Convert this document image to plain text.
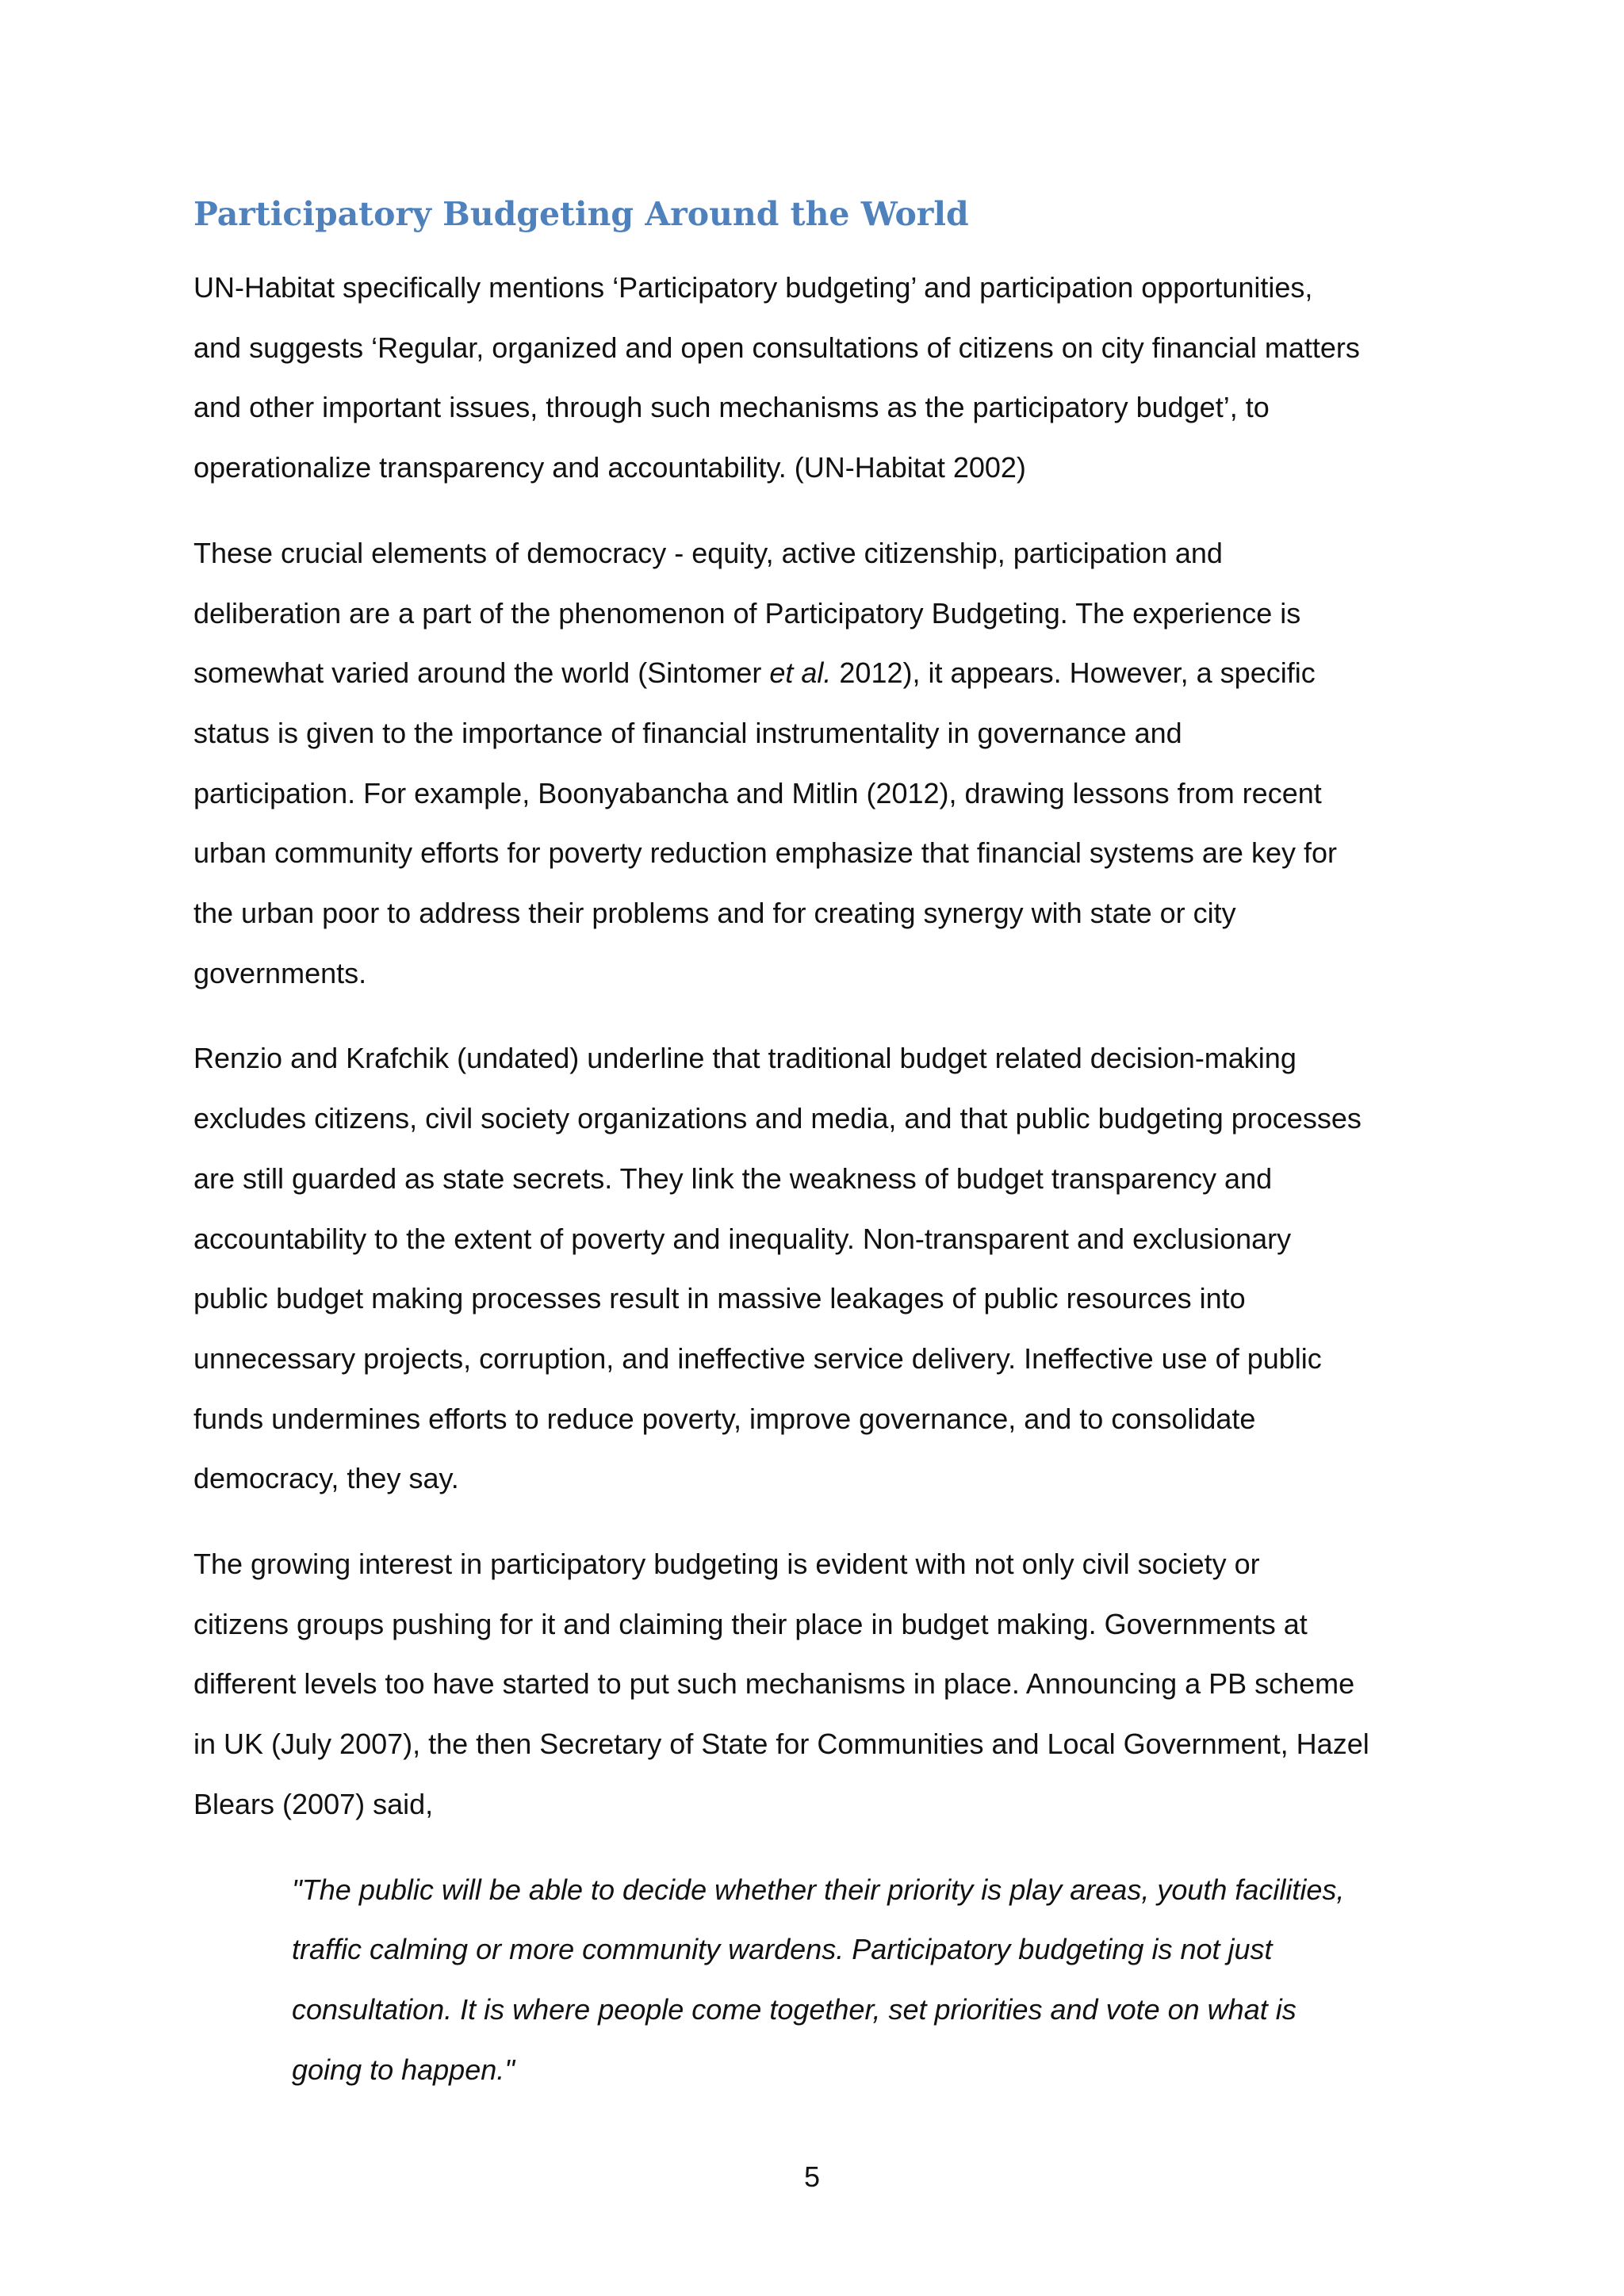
Participatory Budgeting Around the World

UN-Habitat specifically mentions ‘Participatory budgeting’ and participation opportunities,
and suggests ‘Regular, organized and open consultations of citizens on city financial matters
and other important issues, through such mechanisms as the participatory budget’, to
operationalize transparency and accountability. (UN-Habitat 2002)

These crucial elements of democracy - equity, active citizenship, participation and
deliberation are a part of the phenomenon of Participatory Budgeting. The experience is
somewhat varied around the world (Sintomer et al. 2012), it appears. However, a specific
status is given to the importance of financial instrumentality in governance and
participation. For example, Boonyabancha and Mitlin (2012), drawing lessons from recent
urban community efforts for poverty reduction emphasize that financial systems are key for
the urban poor to address their problems and for creating synergy with state or city
governments.

Renzio and Krafchik (undated) underline that traditional budget related decision-making
excludes citizens, civil society organizations and media, and that public budgeting processes
are still guarded as state secrets. They link the weakness of budget transparency and
accountability to the extent of poverty and inequality. Non-transparent and exclusionary
public budget making processes result in massive leakages of public resources into
unnecessary projects, corruption, and ineffective service delivery. Ineffective use of public
funds undermines efforts to reduce poverty, improve governance, and to consolidate
democracy, they say.

The growing interest in participatory budgeting is evident with not only civil society or
citizens groups pushing for it and claiming their place in budget making. Governments at
different levels too have started to put such mechanisms in place. Announcing a PB scheme
in UK (July 2007), the then Secretary of State for Communities and Local Government, Hazel
Blears (2007) said,

"The public will be able to decide whether their priority is play areas, youth facilities,
traffic calming or more community wardens. Participatory budgeting is not just
consultation. It is where people come together, set priorities and vote on what is
going to happen."

5
